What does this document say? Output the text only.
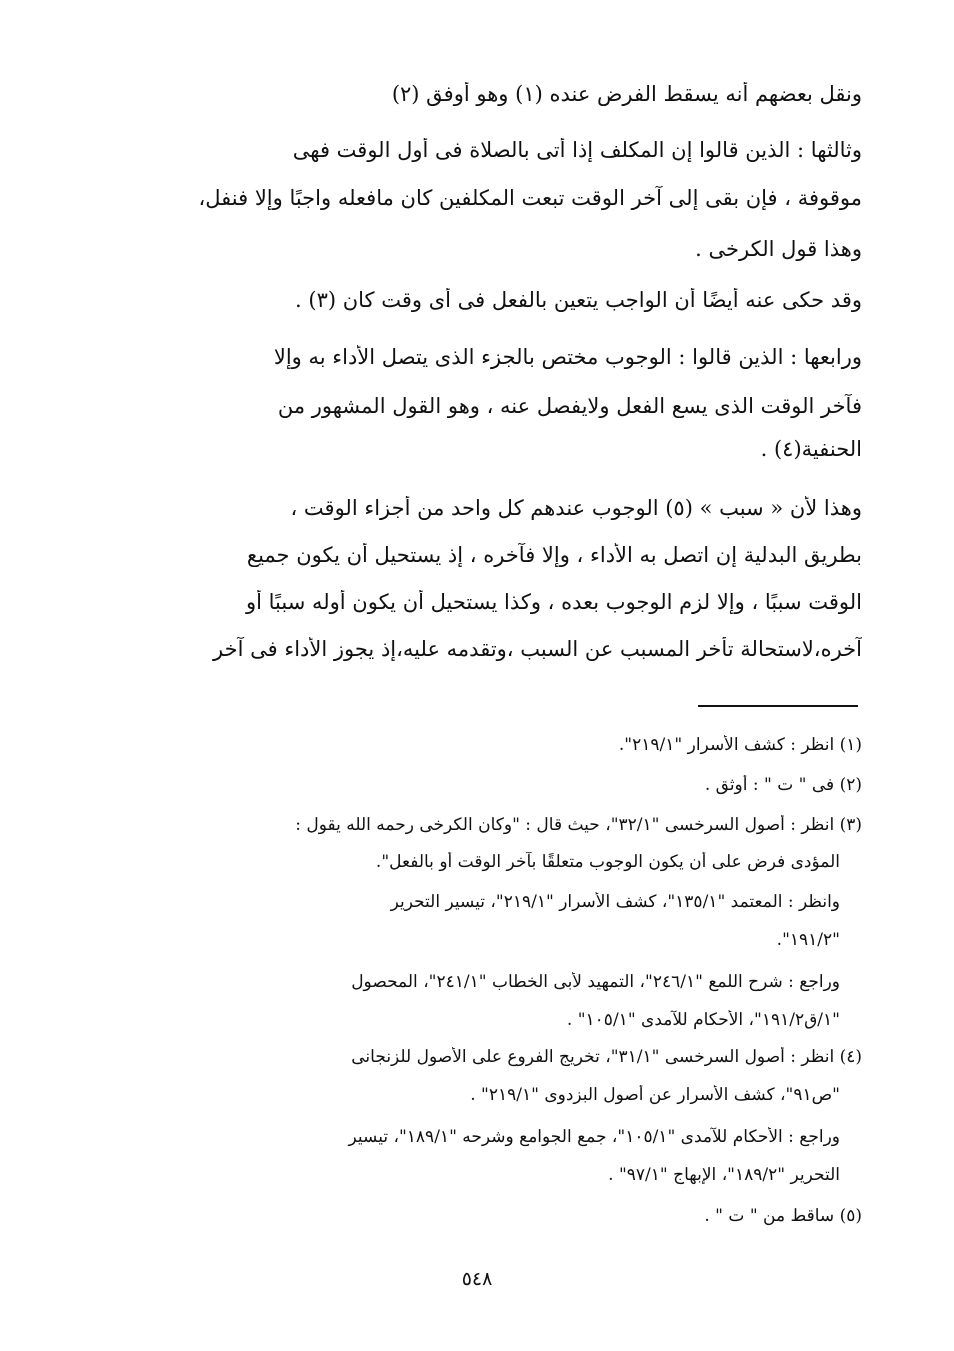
ونقل بعضهم أنه يسقط الفرض عنده (١) وهو أوفق (٢)
وثالثها : الذين قالوا إن المكلف إذا أتى بالصلاة فى أول الوقت فهى
موقوفة ، فإن بقى إلى آخر الوقت تبعت المكلفين كان مافعله واجبًا وإلا فنفل،
وهذا قول الكرخى .
وقد حكى عنه أيضًا أن الواجب يتعين بالفعل فى أى وقت كان (٣) .
ورابعها : الذين قالوا : الوجوب مختص بالجزء الذى يتصل الأداء به وإلا
فآخر الوقت الذى يسع الفعل ولايفصل عنه ، وهو القول المشهور من
الحنفية(٤) .
وهذا لأن « سبب » (٥) الوجوب عندهم كل واحد من أجزاء الوقت ،
بطريق البدلية إن اتصل به الأداء ، وإلا فآخره ، إذ يستحيل أن يكون جميع
الوقت سببًا ، وإلا لزم الوجوب بعده ، وكذا يستحيل أن يكون أوله سببًا أو
آخره،لاستحالة تأخر المسبب عن السبب ،وتقدمه عليه،إذ يجوز الأداء فى آخر
(١) انظر : كشف الأسرار "٢١٩/١".
(٢) فى " ت " : أوثق .
(٣) انظر : أصول السرخسى "٣٢/١"، حيث قال : "وكان الكرخى رحمه الله يقول :
المؤدى فرض على أن يكون الوجوب متعلقًا بآخر الوقت أو بالفعل".
وانظر : المعتمد "١٣٥/١"، كشف الأسرار "٢١٩/١"، تيسير التحرير
"١٩١/٢".
وراجع : شرح اللمع "٢٤٦/١"، التمهيد لأبى الخطاب "٢٤١/١"، المحصول
"١/ق١٩١/٢"، الأحكام للآمدى "١٠٥/١" .
(٤) انظر : أصول السرخسى "٣١/١"، تخريج الفروع على الأصول للزنجانى
"ص٩١"، كشف الأسرار عن أصول البزدوى "٢١٩/١" .
وراجع : الأحكام للآمدى "١٠٥/١"، جمع الجوامع وشرحه "١٨٩/١"، تيسير
التحرير "١٨٩/٢"، الإبهاج "٩٧/١" .
(٥) ساقط من " ت " .
٥٤٨
